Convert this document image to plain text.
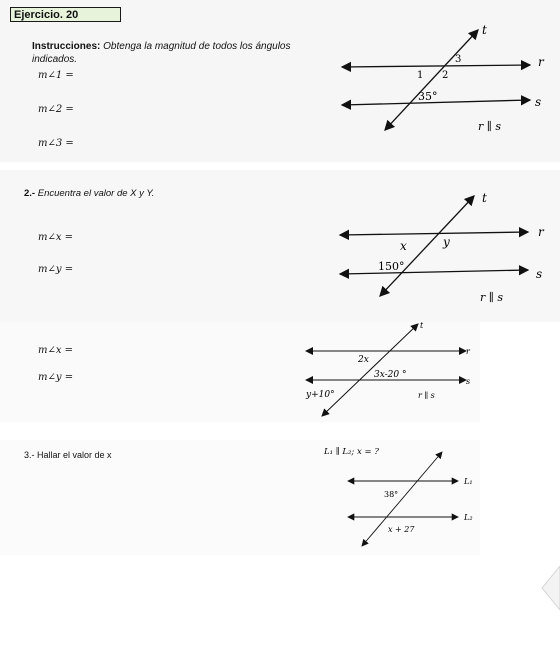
Ejercicio. 20
Instrucciones: Obtenga la magnitud de todos los ángulos indicados.
m∠1 =
m∠2 =
m∠3 =
t
r
s
3
1 2
35°
r ∥ s
2.- Encuentra el valor de X y Y.
m∠x =
m∠y =
t
r
s
x	y
150°
r ∥ s
m∠x =
m∠y =
t
r
s
2x
3x-20 °
y+10°	r ∥ s
3.- Hallar el valor de x	L₁ ∥ L₂; x = ?
L₁
L₂
38°
x + 27
